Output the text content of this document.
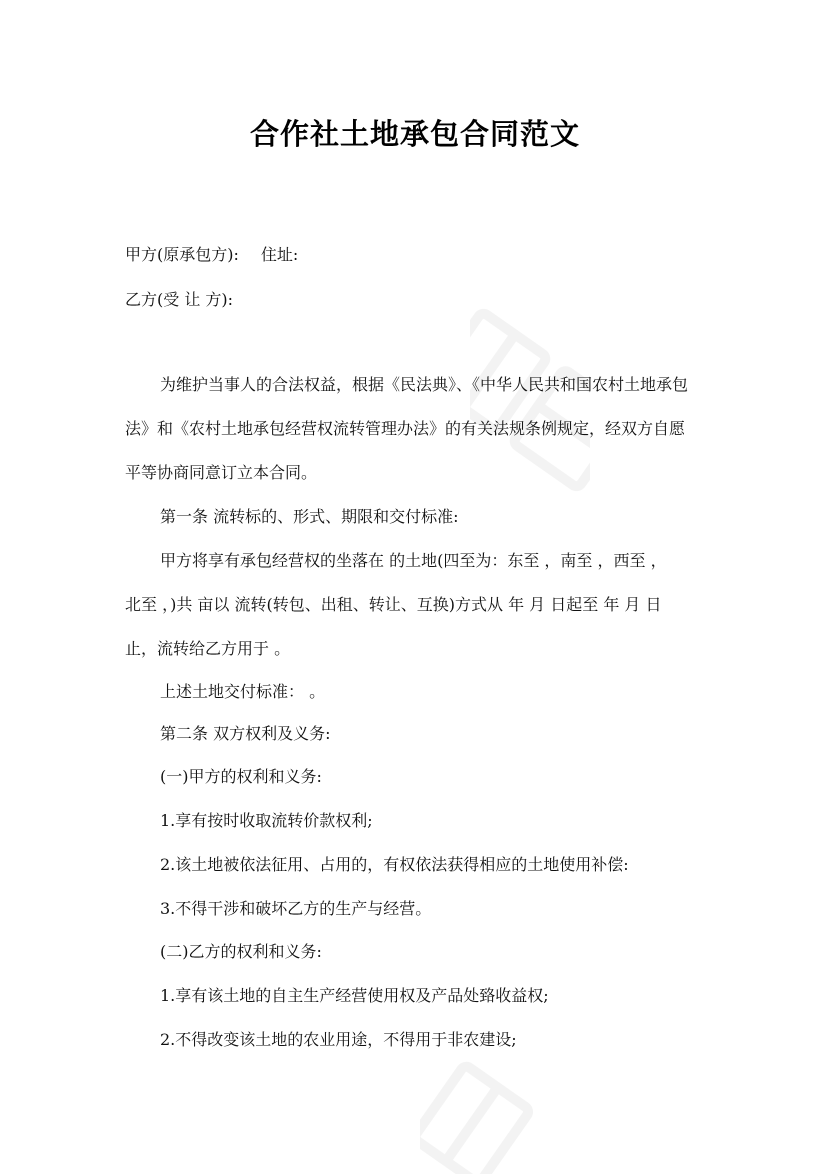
合作社土地承包合同范文

甲方(原承包方): 住址:

乙方(受 让 方):

为维护当事人的合法权益，根据《民法典》、《中华人民共和国农村土地承包

法》和《农村土地承包经营权流转管理办法》的有关法规条例规定，经双方自愿

平等协商同意订立本合同。

第一条 流转标的、形式、期限和交付标准:

甲方将享有承包经营权的坐落在 的土地(四至为：东至 ，南至 ，西至 ，

北至 ，)共 亩以 流转(转包、出租、转让、互换)方式从 年 月 日起至 年 月 日

止，流转给乙方用于 。

上述土地交付标准： 。

第二条 双方权利及义务:

(一)甲方的权利和义务:

1.享有按时收取流转价款权利;

2.该土地被依法征用、占用的，有权依法获得相应的土地使用补偿:

3.不得干涉和破坏乙方的生产与经营。

(二)乙方的权利和义务:

1.享有该土地的自主生产经营使用权及产品处臵收益权;

2.不得改变该土地的农业用途，不得用于非农建设;
